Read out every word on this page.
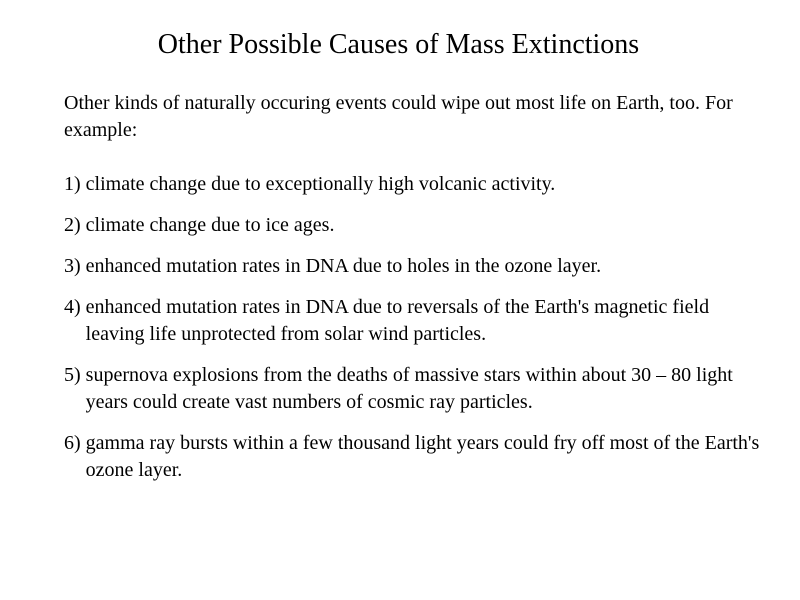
Other Possible Causes of Mass Extinctions

Other kinds of naturally occuring events could wipe out most life on Earth, too. For example:

1) climate change due to exceptionally high volcanic activity.
2) climate change due to ice ages.
3) enhanced mutation rates in DNA due to holes in the ozone layer.
4) enhanced mutation rates in DNA due to reversals of the Earth's magnetic field leaving life unprotected from solar wind particles.
5) supernova explosions from the deaths of massive stars within about 30 – 80 light years could create vast numbers of cosmic ray particles.
6) gamma ray bursts within a few thousand light years could fry off most of the Earth's ozone layer.
